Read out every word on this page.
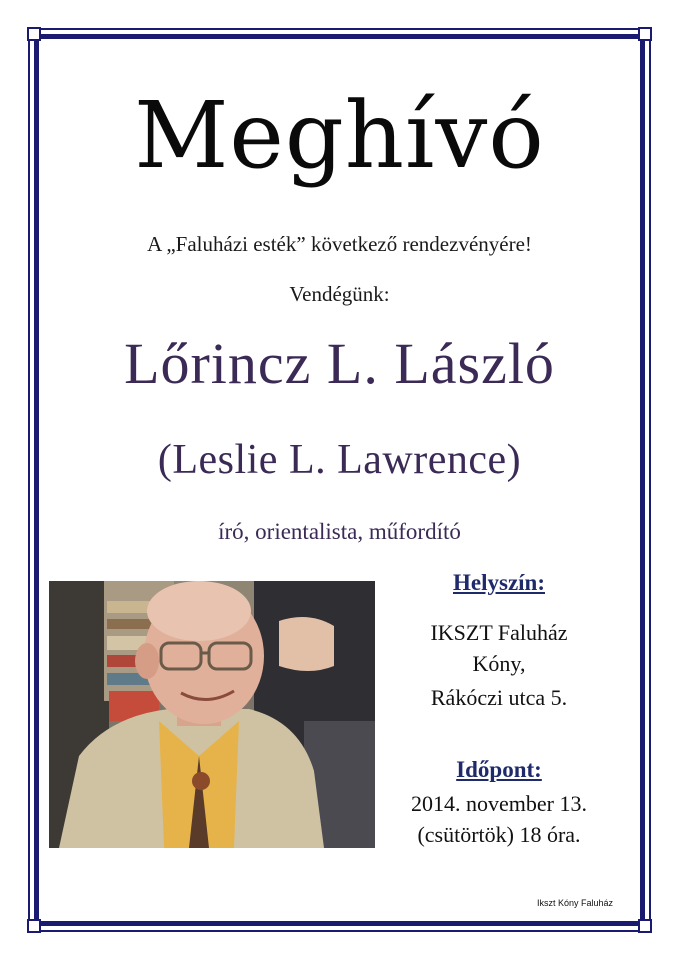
Meghívó
A „Faluházi esték” következő rendezvényére!
Vendégünk:
Lőrincz L. László
(Leslie L. Lawrence)
író, orientalista, műfordító
Helyszín:
IKSZT Faluház
Kóny,
Rákóczi utca 5.
Időpont:
2014. november 13.
(csütörtök) 18 óra.
Ikszt Kóny Faluház
